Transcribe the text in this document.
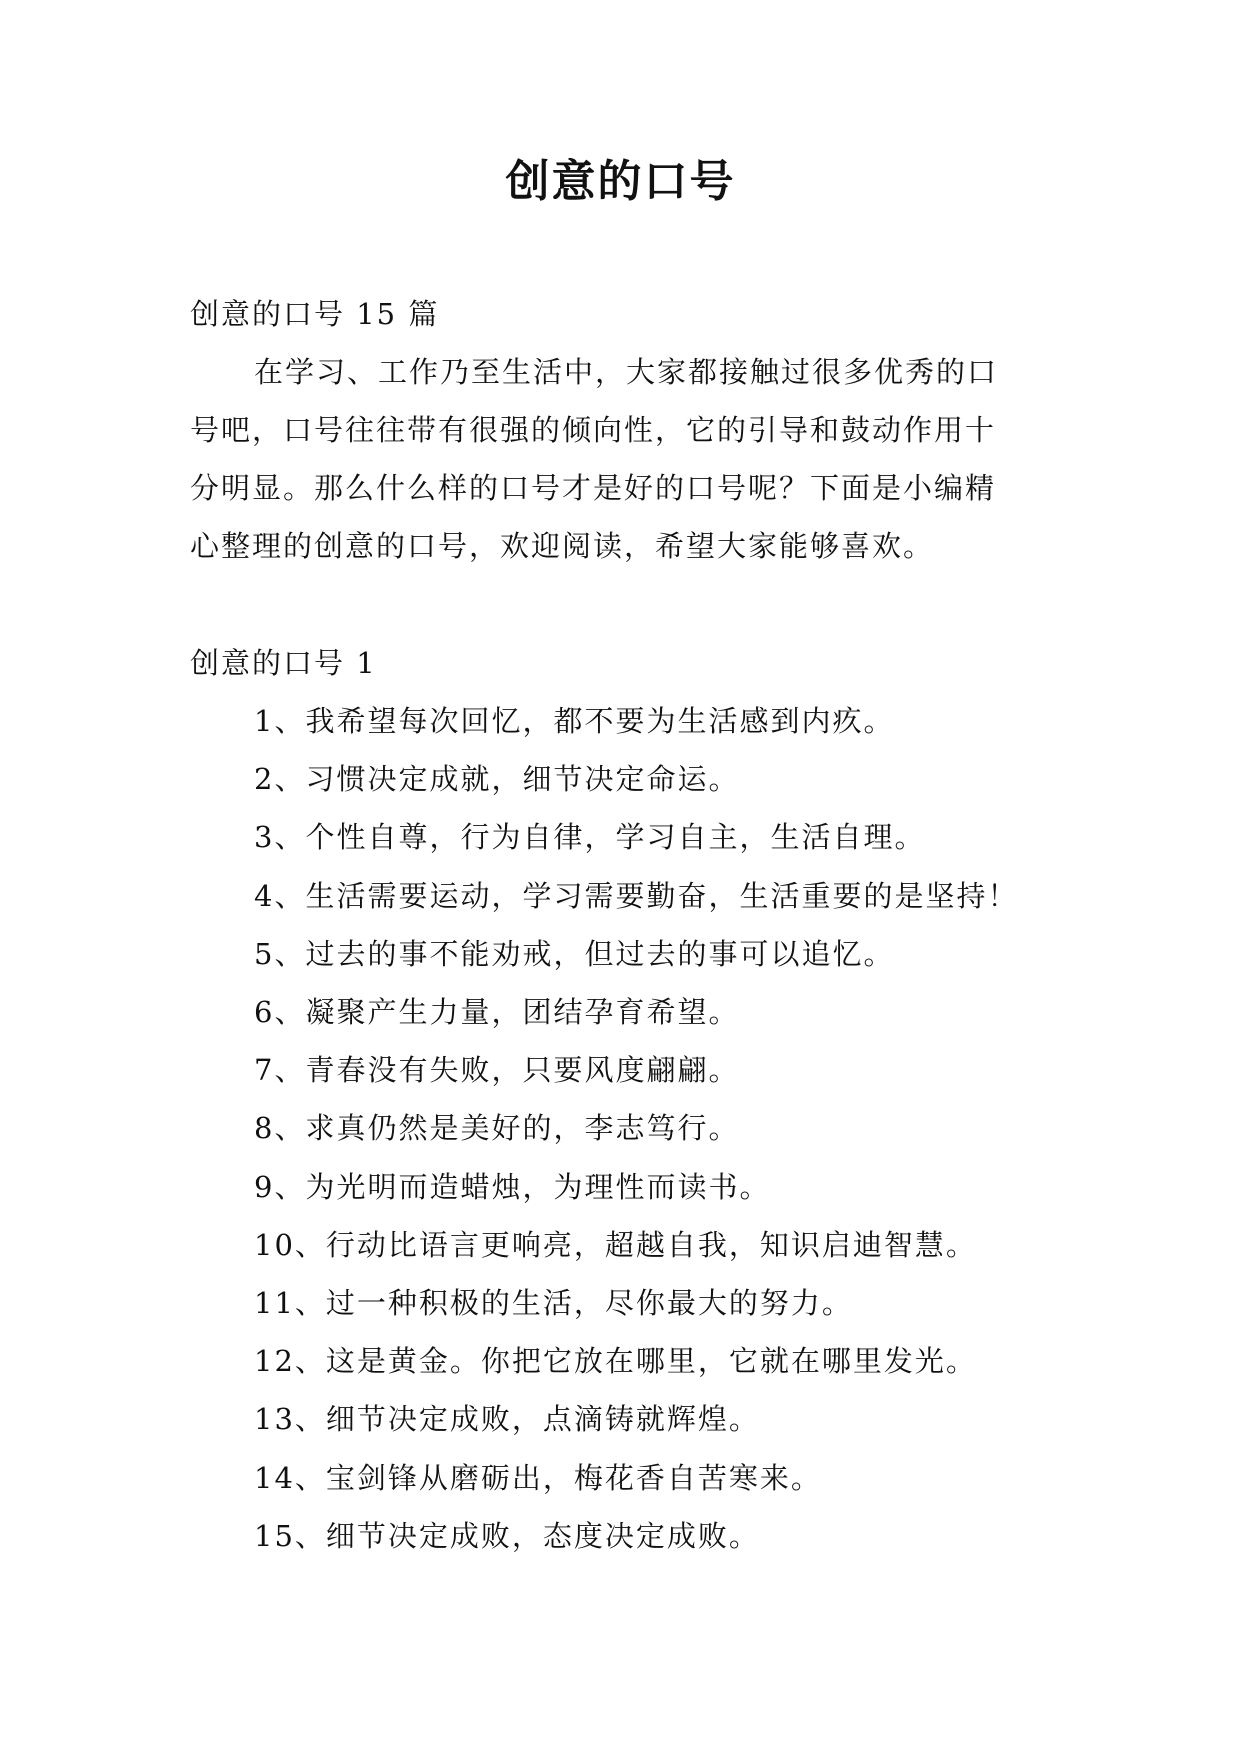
创意的口号
创意的口号 15 篇
在学习、工作乃至生活中，大家都接触过很多优秀的口
号吧，口号往往带有很强的倾向性，它的引导和鼓动作用十
分明显。那么什么样的口号才是好的口号呢？下面是小编精
心整理的创意的口号，欢迎阅读，希望大家能够喜欢。
创意的口号 1
1、我希望每次回忆，都不要为生活感到内疚。
2、习惯决定成就，细节决定命运。
3、个性自尊，行为自律，学习自主，生活自理。
4、生活需要运动，学习需要勤奋，生活重要的是坚持！
5、过去的事不能劝戒，但过去的事可以追忆。
6、凝聚产生力量，团结孕育希望。
7、青春没有失败，只要风度翩翩。
8、求真仍然是美好的，李志笃行。
9、为光明而造蜡烛，为理性而读书。
10、行动比语言更响亮，超越自我，知识启迪智慧。
11、过一种积极的生活，尽你最大的努力。
12、这是黄金。你把它放在哪里，它就在哪里发光。
13、细节决定成败，点滴铸就辉煌。
14、宝剑锋从磨砺出，梅花香自苦寒来。
15、细节决定成败，态度决定成败。
